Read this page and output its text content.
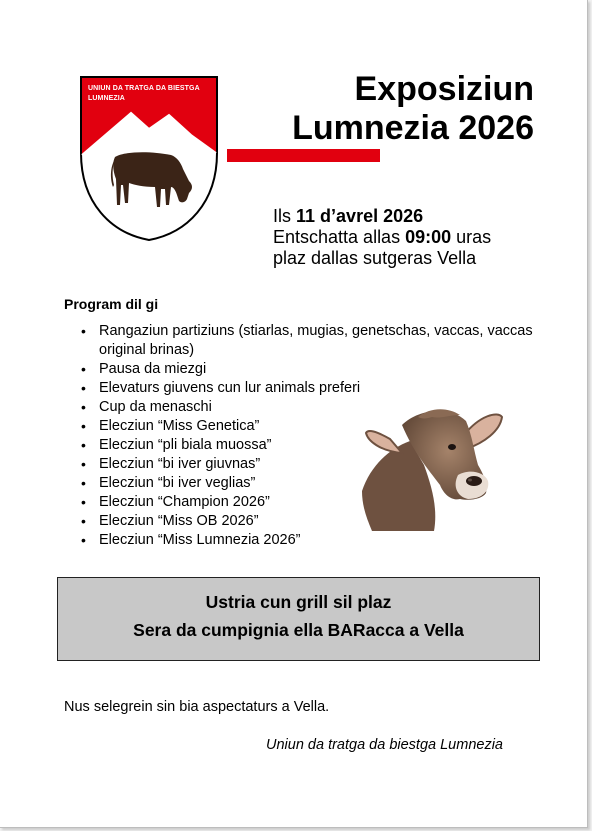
UNIUN DA TRATGA DA BIESTGA LUMNEZIA	Exposiziun
Lumnezia 2026
Ils 11 d’avrel 2026
Entschatta allas 09:00 uras
plaz dallas sutgeras Vella
Program dil gi
• Rangaziun partiziuns (stiarlas, mugias, genetschas, vaccas, vaccas original brinas)
• Pausa da miezgi
• Elevaturs giuvens cun lur animals preferi
• Cup da menaschi
• Elecziun “Miss Genetica”
• Elecziun “pli biala muossa”
• Elecziun “bi iver giuvnas”
• Elecziun “bi iver veglias”
• Elecziun “Champion 2026”
• Elecziun “Miss OB 2026”
• Elecziun “Miss Lumnezia 2026”
Ustria cun grill sil plaz
Sera da cumpignia ella BARacca a Vella
Nus selegrein sin bia aspectaturs a Vella.
Uniun da tratga da biestga Lumnezia
